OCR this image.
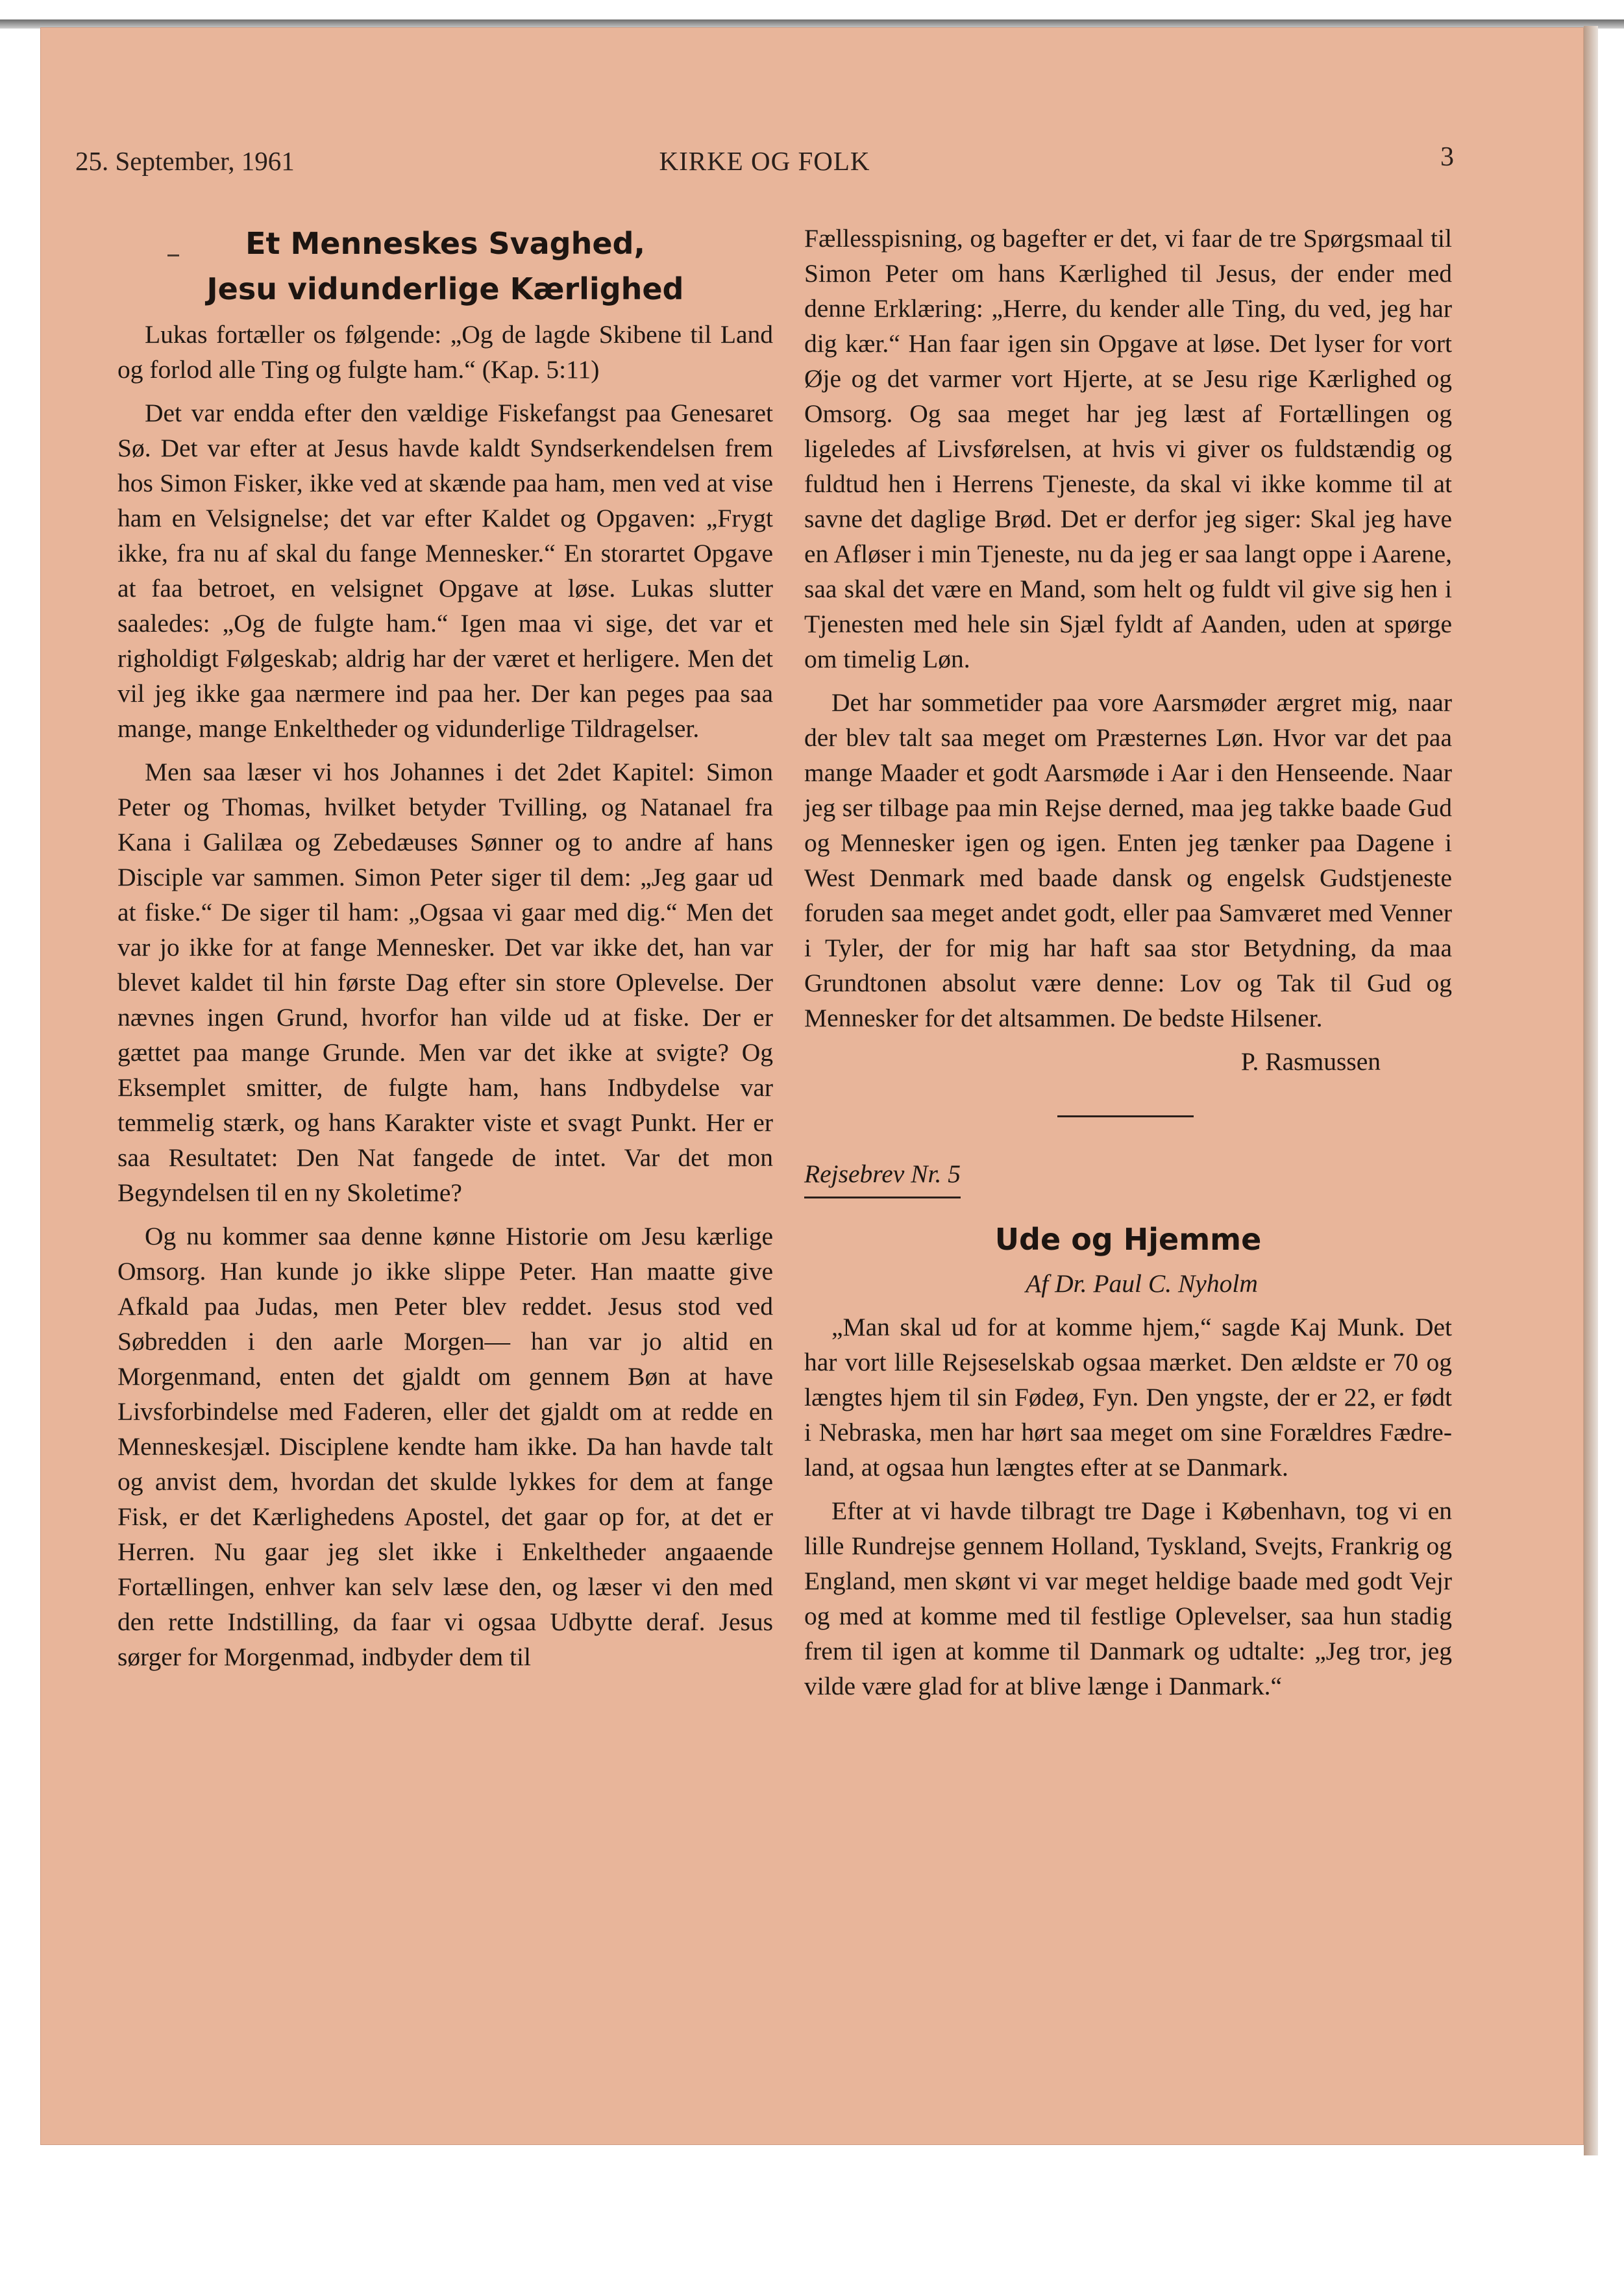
25. September, 1961	KIRKE OG FOLK	3
Et Menneskes Svaghed,
Jesu vidunderlige Kærlighed

Lukas fortæller os følgende: „Og de lagde Skibene til Land og forlod alle Ting og fulgte ham.“ (Kap. 5:11)

Det var endda efter den vældige Fiskefangst paa Genesaret Sø. Det var efter at Jesus havde kaldt Syndserkendelsen frem hos Simon Fisker, ikke ved at skænde paa ham, men ved at vise ham en Velsignelse; det var efter Kaldet og Opgaven: „Frygt ikke, fra nu af skal du fange Mennesker.“ En storartet Opgave at faa betroet, en velsignet Opgave at løse. Lukas slutter saaledes: „Og de fulgte ham.“ Igen maa vi sige, det var et righoldigt Følgeskab; aldrig har der været et herligere. Men det vil jeg ikke gaa nærmere ind paa her. Der kan peges paa saa mange, mange Enkeltheder og vidunderlige Tildragelser.

Men saa læser vi hos Johannes i det 2det Kapitel: Simon Peter og Thomas, hvilket betyder Tvilling, og Natanael fra Kana i Galilæa og Zebedæuses Sønner og to andre af hans Disciple var sammen. Simon Peter siger til dem: „Jeg gaar ud at fiske.“ De siger til ham: „Ogsaa vi gaar med dig.“ Men det var jo ikke for at fange Mennesker. Det var ikke det, han var blevet kaldet til hin første Dag efter sin store Oplevelse. Der nævnes ingen Grund, hvorfor han vilde ud at fiske. Der er gættet paa mange Grunde. Men var det ikke at svigte? Og Eksemplet smitter, de fulgte ham, hans Indbydelse var temmelig stærk, og hans Karakter viste et svagt Punkt. Her er saa Resultatet: Den Nat fangede de intet. Var det mon Begyndelsen til en ny Skoletime?

Og nu kommer saa denne kønne Historie om Jesu kærlige Omsorg. Han kunde jo ikke slippe Peter. Han maatte give Afkald paa Judas, men Peter blev reddet. Jesus stod ved Søbredden i den aarle Morgen— han var jo altid en Morgenmand, enten det gjaldt om gennem Bøn at have Livsforbindelse med Faderen, eller det gjaldt om at redde en Menneskesjæl. Disciplene kendte ham ikke. Da han havde talt og anvist dem, hvordan det skulde lykkes for dem at fange Fisk, er det Kærlighedens Apostel, det gaar op for, at det er Herren. Nu gaar jeg slet ikke i Enkeltheder angaaende Fortællingen, enhver kan selv læse den, og læser vi den med den rette Indstilling, da faar vi ogsaa Udbytte deraf. Jesus sørger for Morgenmad, indbyder dem til

Fællesspisning, og bagefter er det, vi faar de tre Spørgsmaal til Simon Peter om hans Kærlighed til Jesus, der ender med denne Erklæring: „Herre, du kender alle Ting, du ved, jeg har dig kær.“ Han faar igen sin Opgave at løse. Det lyser for vort Øje og det varmer vort Hjerte, at se Jesu rige Kærlighed og Omsorg. Og saa meget har jeg læst af Fortællingen og ligeledes af Livsførelsen, at hvis vi giver os fuldstændig og fuldtud hen i Herrens Tjeneste, da skal vi ikke komme til at savne det daglige Brød. Det er derfor jeg siger: Skal jeg have en Afløser i min Tjeneste, nu da jeg er saa langt oppe i Aarene, saa skal det være en Mand, som helt og fuldt vil give sig hen i Tjenesten med hele sin Sjæl fyldt af Aanden, uden at spørge om timelig Løn.

Det har sommetider paa vore Aarsmøder ærgret mig, naar der blev talt saa meget om Præsternes Løn. Hvor var det paa mange Maader et godt Aarsmøde i Aar i den Henseende. Naar jeg ser tilbage paa min Rejse derned, maa jeg takke baade Gud og Mennesker igen og igen. Enten jeg tænker paa Dagene i West Denmark med baade dansk og engelsk Gudstjeneste foruden saa meget andet godt, eller paa Samværet med Venner i Tyler, der for mig har haft saa stor Betydning, da maa Grundtonen absolut være denne: Lov og Tak til Gud og Mennesker for det altsammen. De bedste Hilsener.

P. Rasmussen

Rejsebrev Nr. 5
Ude og Hjemme

Af Dr. Paul C. Nyholm

„Man skal ud for at komme hjem,“ sagde Kaj Munk. Det har vort lille Rejseselskab ogsaa mærket. Den ældste er 70 og længtes hjem til sin Fødeø, Fyn. Den yngste, der er 22, er født i Nebraska, men har hørt saa meget om sine Forældres Fædreland, at ogsaa hun længtes efter at se Danmark.

Efter at vi havde tilbragt tre Dage i København, tog vi en lille Rundrejse gennem Holland, Tyskland, Svejts, Frankrig og England, men skønt vi var meget heldige baade med godt Vejr og med at komme med til festlige Oplevelser, saa hun stadig frem til igen at komme til Danmark og udtalte: „Jeg tror, jeg vilde være glad for at blive længe i Danmark.“
